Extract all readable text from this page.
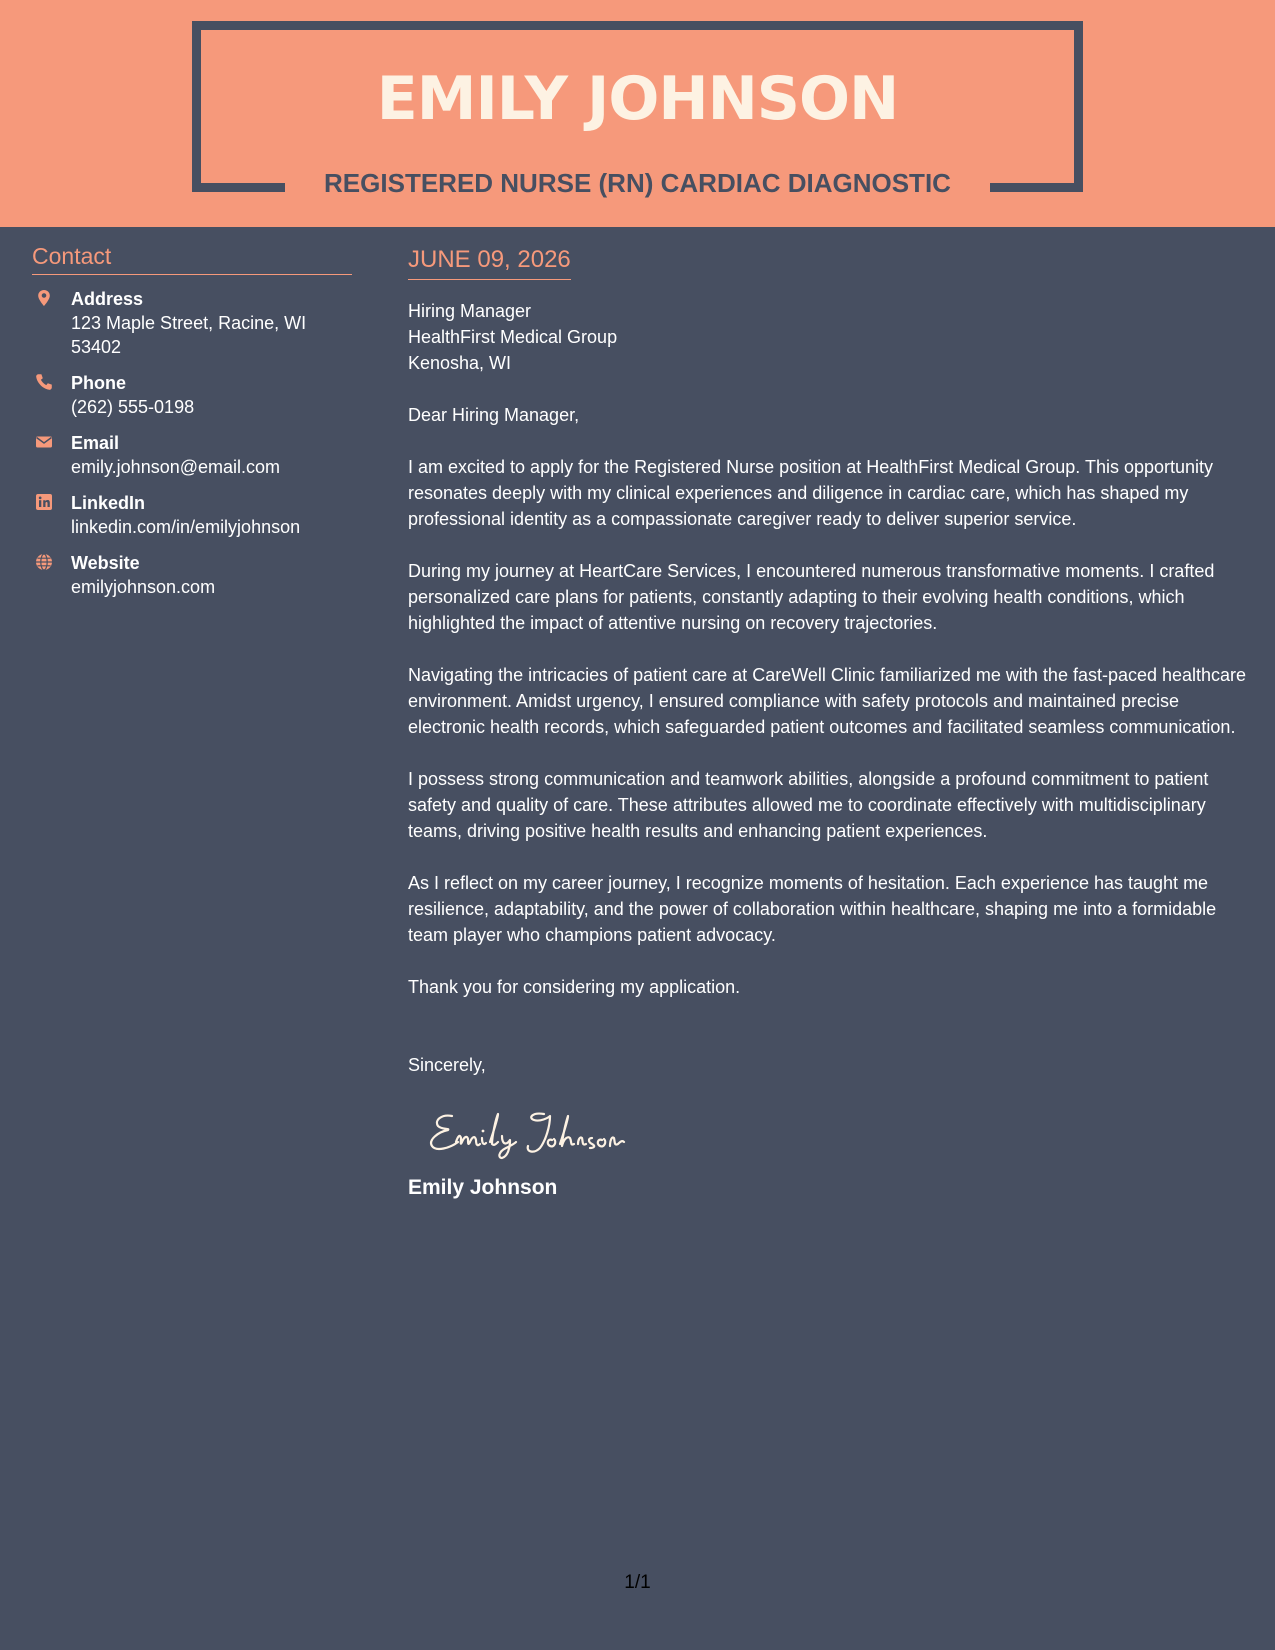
EMILY JOHNSON
REGISTERED NURSE (RN) CARDIAC DIAGNOSTIC
Contact
Address
123 Maple Street, Racine, WI 53402
Phone
(262) 555-0198
Email
emily.johnson@email.com
LinkedIn
linkedin.com/in/emilyjohnson
Website
emilyjohnson.com
JUNE 09, 2026
Hiring Manager
HealthFirst Medical Group
Kenosha, WI
Dear Hiring Manager,
I am excited to apply for the Registered Nurse position at HealthFirst Medical Group. This opportunity resonates deeply with my clinical experiences and diligence in cardiac care, which has shaped my professional identity as a compassionate caregiver ready to deliver superior service.
During my journey at HeartCare Services, I encountered numerous transformative moments. I crafted personalized care plans for patients, constantly adapting to their evolving health conditions, which highlighted the impact of attentive nursing on recovery trajectories.
Navigating the intricacies of patient care at CareWell Clinic familiarized me with the fast-paced healthcare environment. Amidst urgency, I ensured compliance with safety protocols and maintained precise electronic health records, which safeguarded patient outcomes and facilitated seamless communication.
I possess strong communication and teamwork abilities, alongside a profound commitment to patient safety and quality of care. These attributes allowed me to coordinate effectively with multidisciplinary teams, driving positive health results and enhancing patient experiences.
As I reflect on my career journey, I recognize moments of hesitation. Each experience has taught me resilience, adaptability, and the power of collaboration within healthcare, shaping me into a formidable team player who champions patient advocacy.
Thank you for considering my application.
Sincerely,
Emily Johnson
1/1
